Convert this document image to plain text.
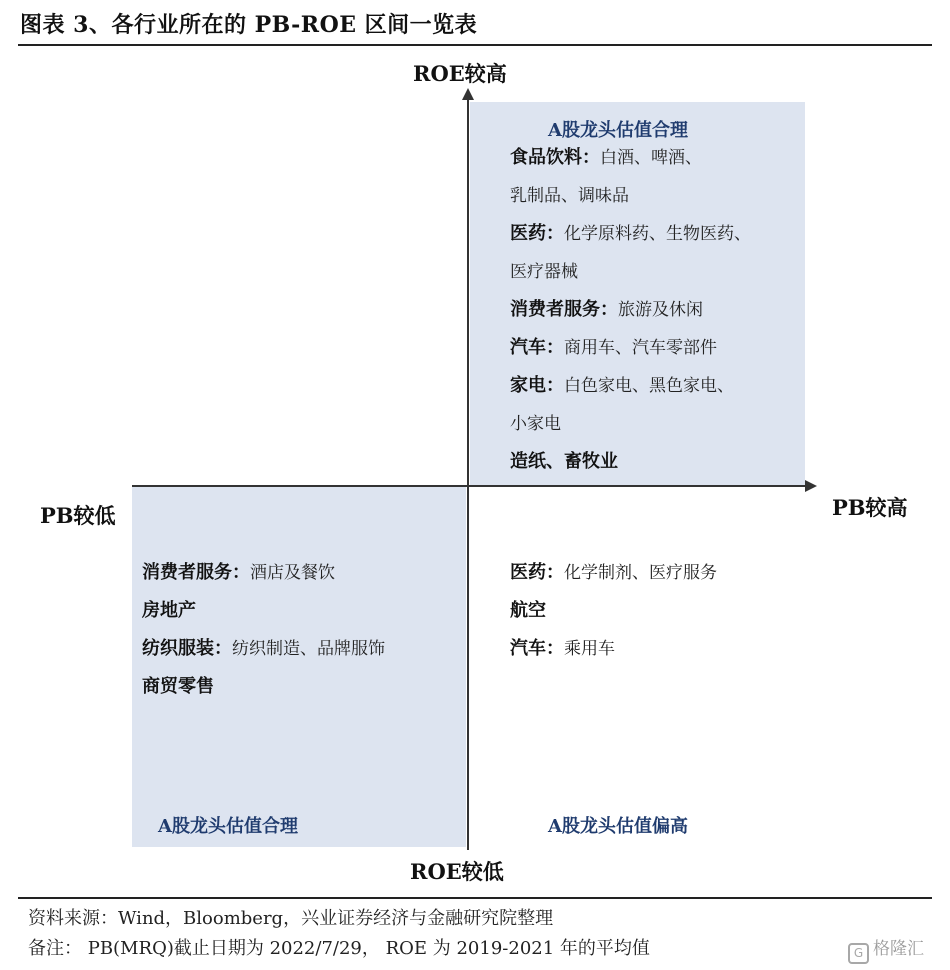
图表 3、各行业所在的 PB-ROE 区间一览表
ROE较高
ROE较低
PB较低	PB较高
A股龙头估值合理
食品饮料：白酒、啤酒、
乳制品、调味品
医药：化学原料药、生物医药、
医疗器械
消费者服务：旅游及休闲
汽车：商用车、汽车零部件
家电：白色家电、黑色家电、
小家电
造纸、畜牧业
消费者服务：酒店及餐饮
房地产
纺织服装：纺织制造、品牌服饰
商贸零售
A股龙头估值合理
医药：化学制剂、医疗服务
航空
汽车：乘用车
A股龙头估值偏高
资料来源：Wind，Bloomberg，兴业证券经济与金融研究院整理
备注： PB(MRQ)截止日期为 2022/7/29， ROE 为 2019-2021 年的平均值	G 格隆汇
